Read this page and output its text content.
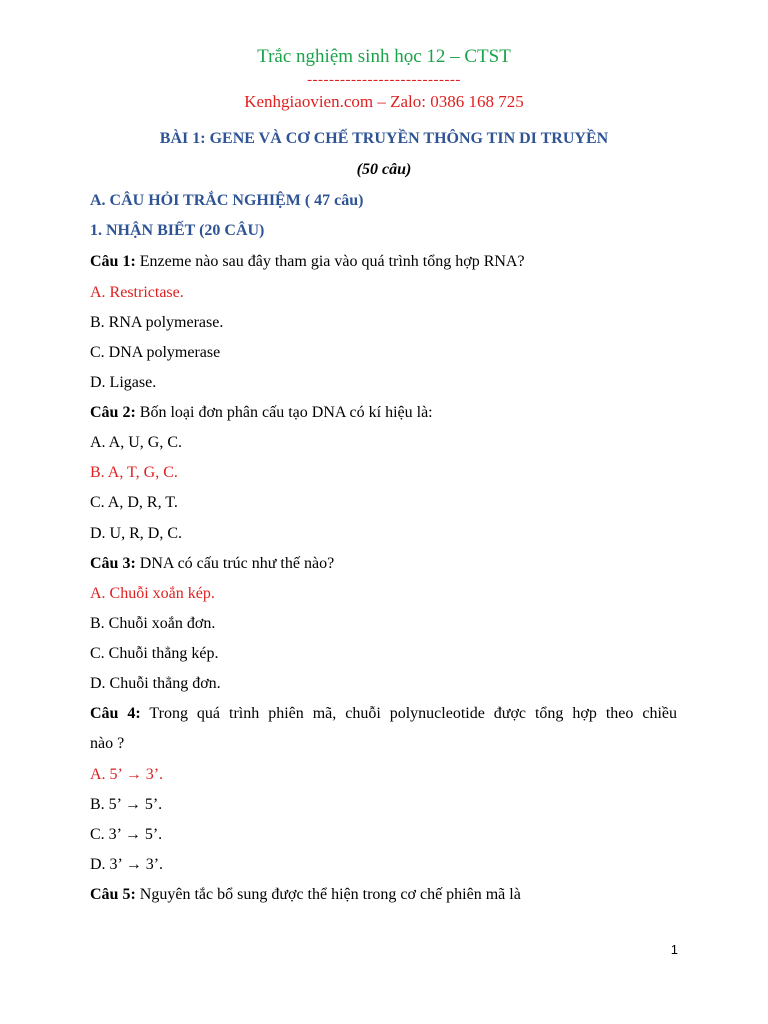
Trắc nghiệm sinh học 12 – CTST
----------------------------
Kenhgiaovien.com – Zalo: 0386 168 725
BÀI 1: GENE VÀ CƠ CHẾ TRUYỀN THÔNG TIN DI TRUYỀN
(50 câu)
A. CÂU HỎI TRẮC NGHIỆM ( 47 câu)
1. NHẬN BIẾT (20 CÂU)
Câu 1: Enzeme nào sau đây tham gia vào quá trình tổng hợp RNA?
A. Restrictase.
B. RNA polymerase.
C. DNA polymerase
D. Ligase.
Câu 2: Bốn loại đơn phân cấu tạo DNA có kí hiệu là:
A. A, U, G, C.
B. A, T, G, C.
C. A, D, R, T.
D. U, R, D, C.
Câu 3: DNA có cấu trúc như thế nào?
A. Chuỗi xoắn kép.
B. Chuỗi xoắn đơn.
C. Chuỗi thẳng kép.
D. Chuỗi thẳng đơn.
Câu 4: Trong quá trình phiên mã, chuỗi polynucleotide được tổng hợp theo chiều
nào ?
A. 5’ → 3’.
B. 5’ → 5’.
C. 3’ → 5’.
D. 3’ → 3’.
Câu 5: Nguyên tắc bổ sung được thể hiện trong cơ chế phiên mã là
1
